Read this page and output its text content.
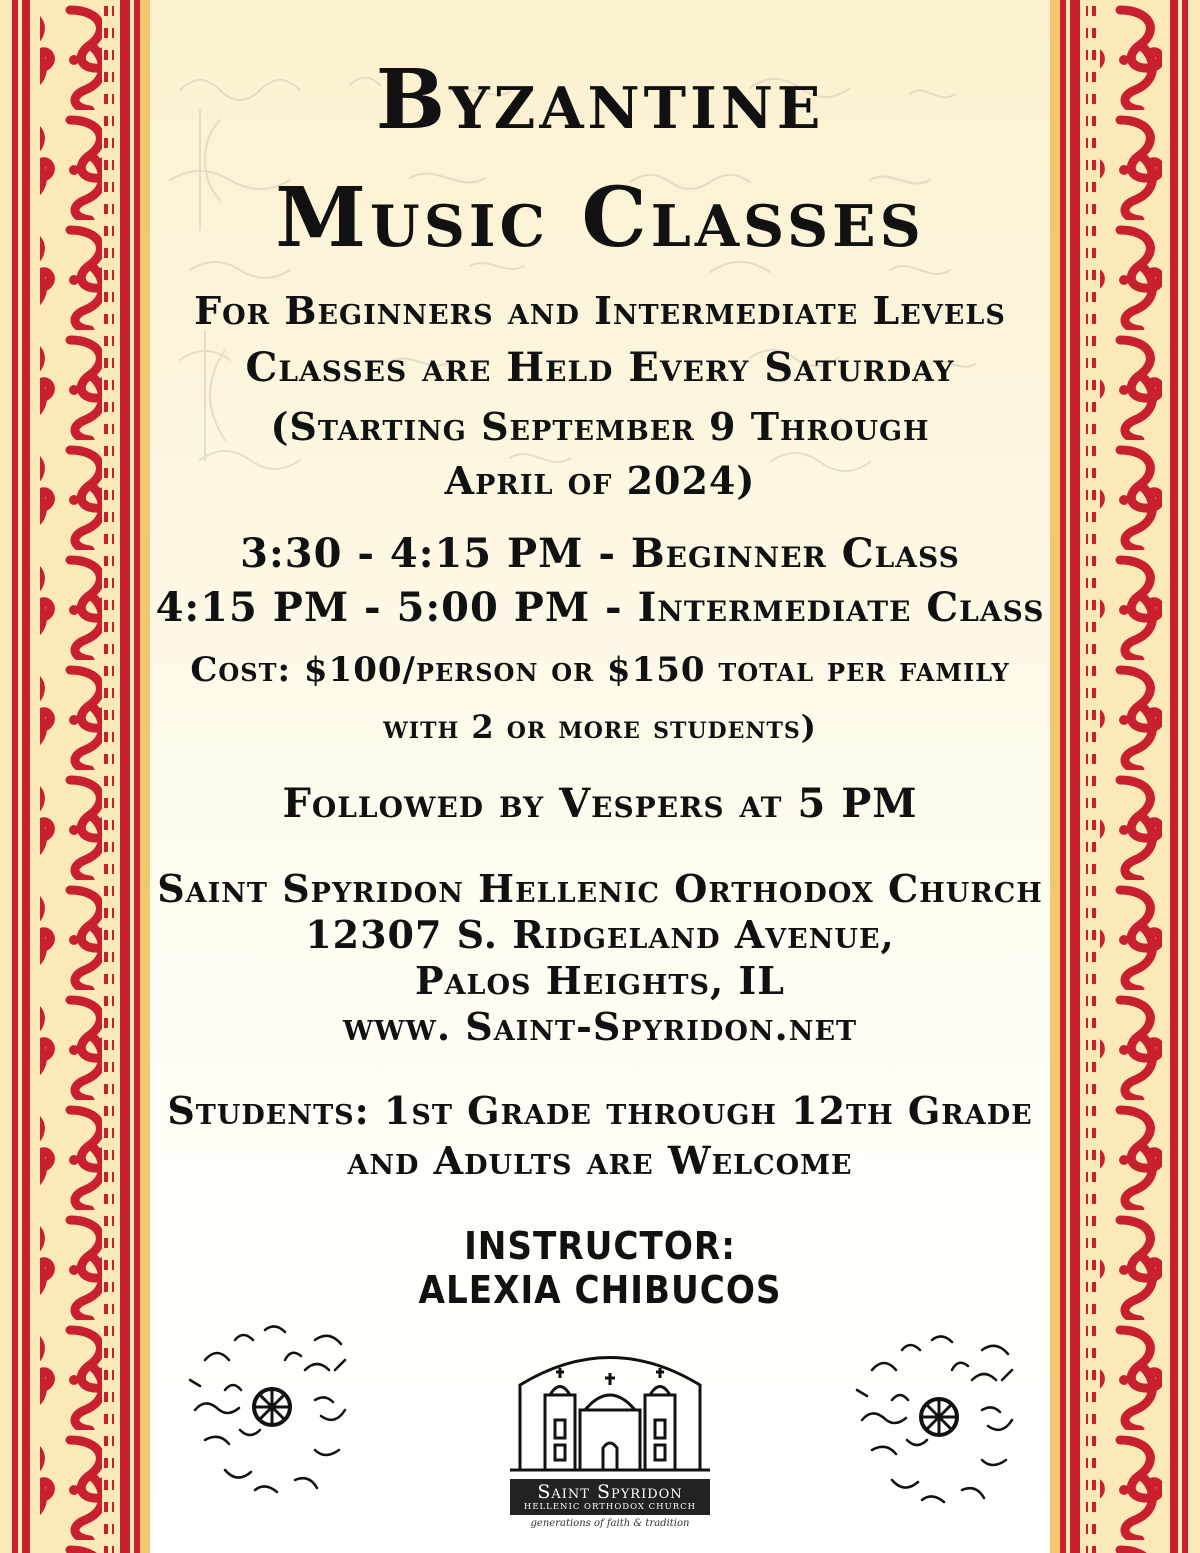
Byzantine
Music Classes
For Beginners and Intermediate Levels
Classes are Held Every Saturday
(Starting September 9 Through
April of 2024)
3:30 - 4:15 PM - Beginner Class
4:15 PM - 5:00 PM - Intermediate Class
Cost: $100/person or $150 total per family
with 2 or more students)
Followed by Vespers at 5 PM
Saint Spyridon Hellenic Orthodox Church
12307 S. Ridgeland Avenue,
Palos Heights, IL
www. Saint-Spyridon.net
Students: 1st Grade through 12th Grade
and Adults are Welcome
INSTRUCTOR:
ALEXIA CHIBUCOS
Saint Spyridon
HELLENIC ORTHODOX CHURCH
generations of faith & tradition
